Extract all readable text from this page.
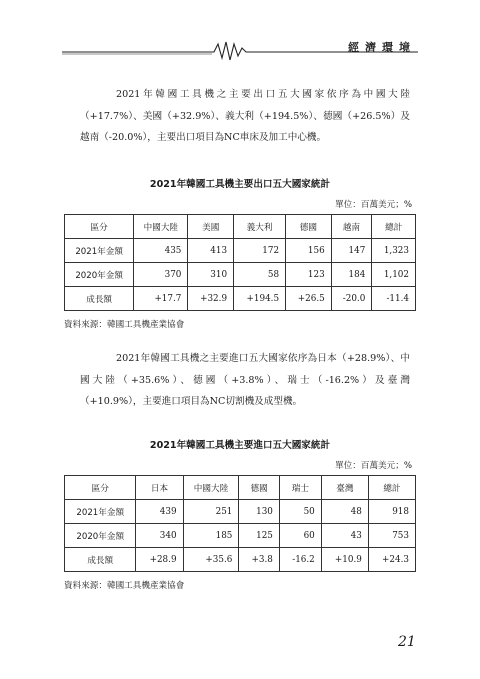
經濟環境

2021年韓國工具機之主要出口五大國家依序為中國大陸（+17.7%）、美國（+32.9%）、義大利（+194.5%）、德國（+26.5%）及越南（-20.0%），主要出口項目為NC車床及加工中心機。

2021年韓國工具機主要出口五大國家統計
單位：百萬美元；%
區分	中國大陸	美國	義大利	德國	越南	總計
2021年金額	435	413	172	156	147	1,323
2020年金額	370	310	58	123	184	1,102
成長額	+17.7	+32.9	+194.5	+26.5	-20.0	-11.4
資料來源：韓國工具機產業協會

2021年韓國工具機之主要進口五大國家依序為日本（+28.9%）、中國大陸（+35.6%）、德國（+3.8%）、瑞士（-16.2%）及臺灣（+10.9%），主要進口項目為NC切割機及成型機。

2021年韓國工具機主要進口五大國家統計
單位：百萬美元；%
區分	日本	中國大陸	德國	瑞士	臺灣	總計
2021年金額	439	251	130	50	48	918
2020年金額	340	185	125	60	43	753
成長額	+28.9	+35.6	+3.8	-16.2	+10.9	+24.3
資料來源：韓國工具機產業協會
21
